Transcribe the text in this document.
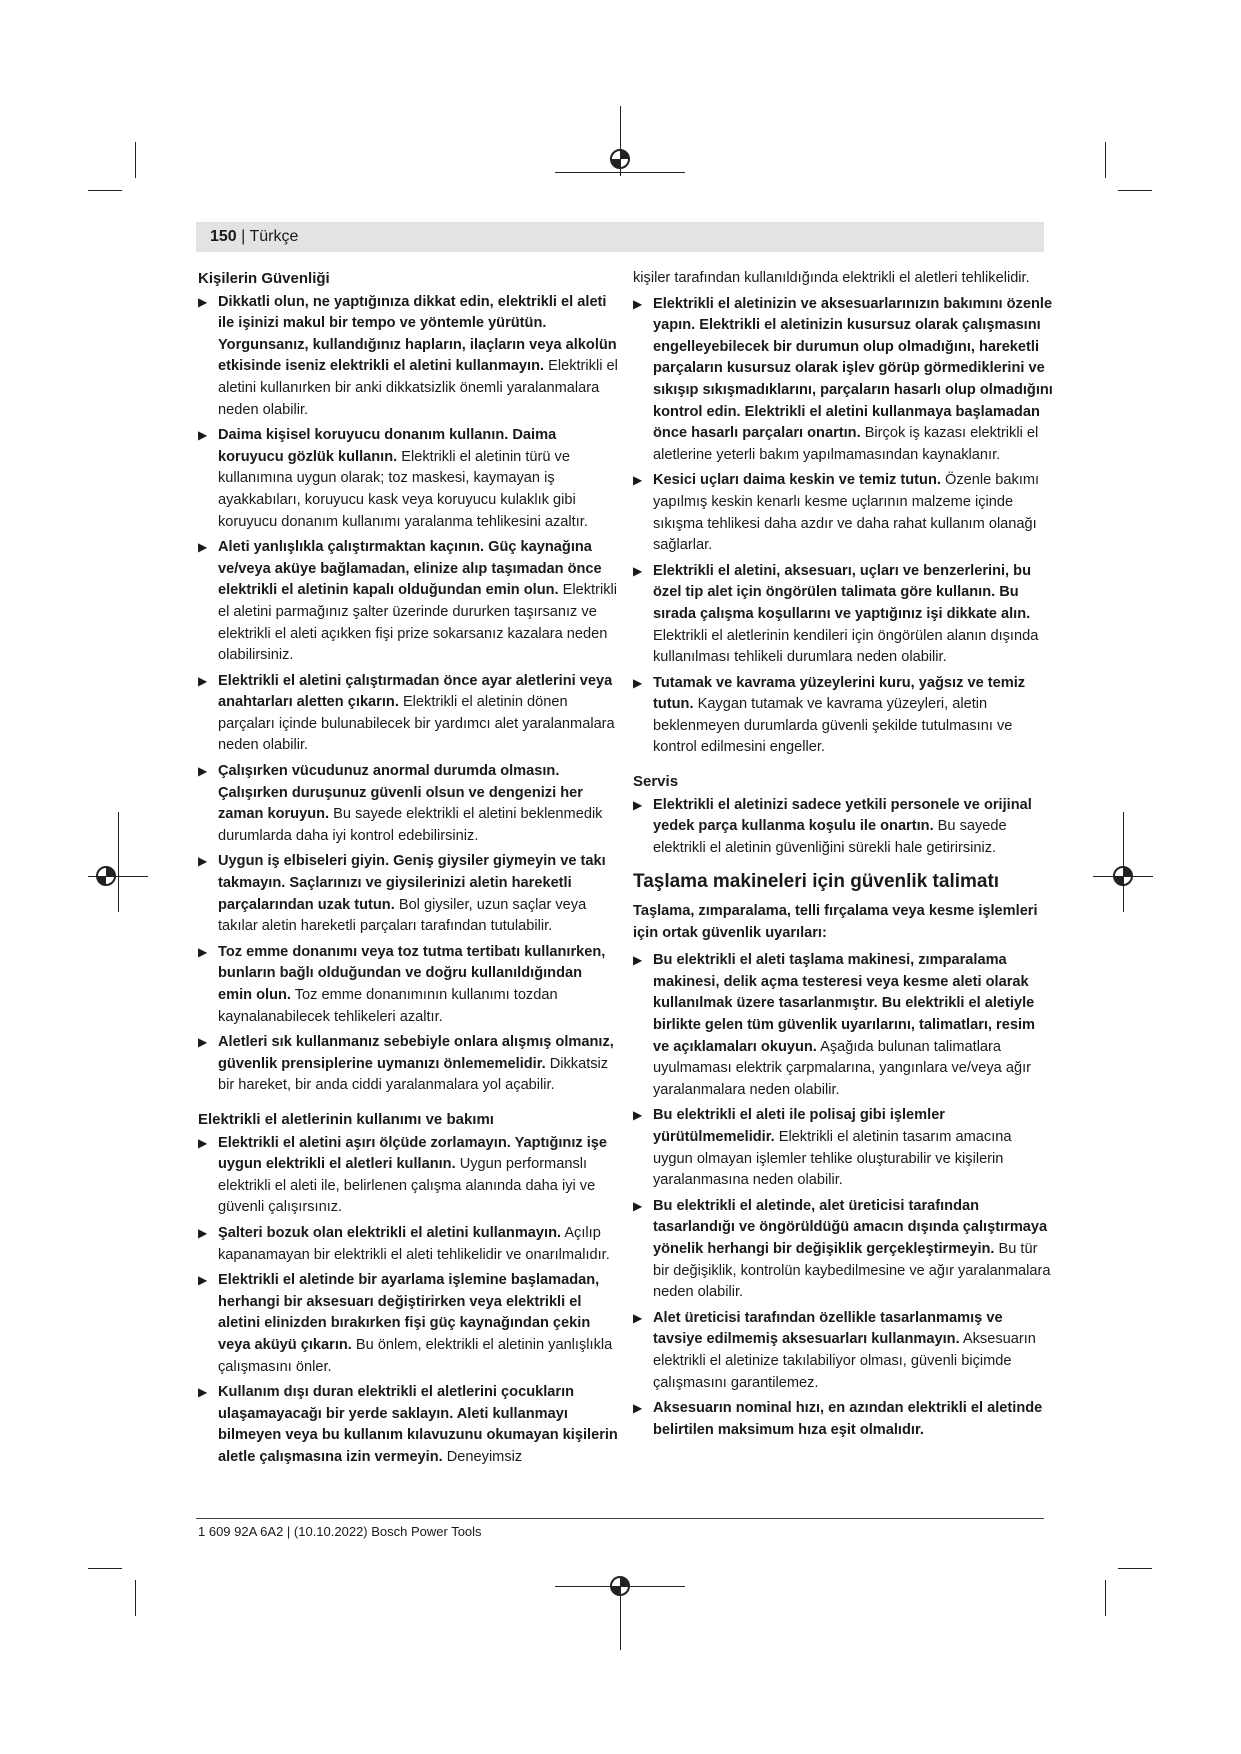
150 | Türkçe
Kişilerin Güvenliği
▶ Dikkatli olun, ne yaptığınıza dikkat edin, elektrikli el aleti ile işinizi makul bir tempo ve yöntemle yürütün. Yorgunsanız, kullandığınız hapların, ilaçların veya alkolün etkisinde iseniz elektrikli el aletini kullanmayın. Elektrikli el aletini kullanırken bir anki dikkatsizlik önemli yaralanmalara neden olabilir.
▶ Daima kişisel koruyucu donanım kullanın. Daima koruyucu gözlük kullanın. Elektrikli el aletinin türü ve kullanımına uygun olarak; toz maskesi, kaymayan iş ayakkabıları, koruyucu kask veya koruyucu kulaklık gibi koruyucu donanım kullanımı yaralanma tehlikesini azaltır.
▶ Aleti yanlışlıkla çalıştırmaktan kaçının. Güç kaynağına ve/veya aküye bağlamadan, elinize alıp taşımadan önce elektrikli el aletinin kapalı olduğundan emin olun. Elektrikli el aletini parmağınız şalter üzerinde dururken taşırsanız ve elektrikli el aleti açıkken fişi prize sokarsanız kazalara neden olabilirsiniz.
▶ Elektrikli el aletini çalıştırmadan önce ayar aletlerini veya anahtarları aletten çıkarın. Elektrikli el aletinin dönen parçaları içinde bulunabilecek bir yardımcı alet yaralanmalara neden olabilir.
▶ Çalışırken vücudunuz anormal durumda olmasın. Çalışırken duruşunuz güvenli olsun ve dengenizi her zaman koruyun. Bu sayede elektrikli el aletini beklenmedik durumlarda daha iyi kontrol edebilirsiniz.
▶ Uygun iş elbiseleri giyin. Geniş giysiler giymeyin ve takı takmayın. Saçlarınızı ve giysilerinizi aletin hareketli parçalarından uzak tutun. Bol giysiler, uzun saçlar veya takılar aletin hareketli parçaları tarafından tutulabilir.
▶ Toz emme donanımı veya toz tutma tertibatı kullanırken, bunların bağlı olduğundan ve doğru kullanıldığından emin olun. Toz emme donanımının kullanımı tozdan kaynalanabilecek tehlikeleri azaltır.
▶ Aletleri sık kullanmanız sebebiyle onlara alışmış olmanız, güvenlik prensiplerine uymanızı önlememelidir. Dikkatsiz bir hareket, bir anda ciddi yaralanmalara yol açabilir.
Elektrikli el aletlerinin kullanımı ve bakımı
▶ Elektrikli el aletini aşırı ölçüde zorlamayın. Yaptığınız işe uygun elektrikli el aletleri kullanın. Uygun performanslı elektrikli el aleti ile, belirlenen çalışma alanında daha iyi ve güvenli çalışırsınız.
▶ Şalteri bozuk olan elektrikli el aletini kullanmayın. Açılıp kapanamayan bir elektrikli el aleti tehlikelidir ve onarılmalıdır.
▶ Elektrikli el aletinde bir ayarlama işlemine başlamadan, herhangi bir aksesuarı değiştirirken veya elektrikli el aletini elinizden bırakırken fişi güç kaynağından çekin veya aküyü çıkarın. Bu önlem, elektrikli el aletinin yanlışlıkla çalışmasını önler.
▶ Kullanım dışı duran elektrikli el aletlerini çocukların ulaşamayacağı bir yerde saklayın. Aleti kullanmayı bilmeyen veya bu kullanım kılavuzunu okumayan kişilerin aletle çalışmasına izin vermeyin. Deneyimsiz

kişiler tarafından kullanıldığında elektrikli el aletleri tehlikelidir.

▶ Elektrikli el aletinizin ve aksesuarlarınızın bakımını özenle yapın. Elektrikli el aletinizin kusursuz olarak çalışmasını engelleyebilecek bir durumun olup olmadığını, hareketli parçaların kusursuz olarak işlev görüp görmediklerini ve sıkışıp sıkışmadıklarını, parçaların hasarlı olup olmadığını kontrol edin. Elektrikli el aletini kullanmaya başlamadan önce hasarlı parçaları onartın. Birçok iş kazası elektrikli el aletlerine yeterli bakım yapılmamasından kaynaklanır.
▶ Kesici uçları daima keskin ve temiz tutun. Özenle bakımı yapılmış keskin kenarlı kesme uçlarının malzeme içinde sıkışma tehlikesi daha azdır ve daha rahat kullanım olanağı sağlarlar.
▶ Elektrikli el aletini, aksesuarı, uçları ve benzerlerini, bu özel tip alet için öngörülen talimata göre kullanın. Bu sırada çalışma koşullarını ve yaptığınız işi dikkate alın. Elektrikli el aletlerinin kendileri için öngörülen alanın dışında kullanılması tehlikeli durumlara neden olabilir.
▶ Tutamak ve kavrama yüzeylerini kuru, yağsız ve temiz tutun. Kaygan tutamak ve kavrama yüzeyleri, aletin beklenmeyen durumlarda güvenli şekilde tutulmasını ve kontrol edilmesini engeller.
Servis
▶ Elektrikli el aletinizi sadece yetkili personele ve orijinal yedek parça kullanma koşulu ile onartın. Bu sayede elektrikli el aletinin güvenliğini sürekli hale getirirsiniz.
Taşlama makineleri için güvenlik talimatı

Taşlama, zımparalama, telli fırçalama veya kesme işlemleri için ortak güvenlik uyarıları:

▶ Bu elektrikli el aleti taşlama makinesi, zımparalama makinesi, delik açma testeresi veya kesme aleti olarak kullanılmak üzere tasarlanmıştır. Bu elektrikli el aletiyle birlikte gelen tüm güvenlik uyarılarını, talimatları, resim ve açıklamaları okuyun. Aşağıda bulunan talimatlara uyulmaması elektrik çarpmalarına, yangınlara ve/veya ağır yaralanmalara neden olabilir.
▶ Bu elektrikli el aleti ile polisaj gibi işlemler yürütülmemelidir. Elektrikli el aletinin tasarım amacına uygun olmayan işlemler tehlike oluşturabilir ve kişilerin yaralanmasına neden olabilir.
▶ Bu elektrikli el aletinde, alet üreticisi tarafından tasarlandığı ve öngörüldüğü amacın dışında çalıştırmaya yönelik herhangi bir değişiklik gerçekleştirmeyin. Bu tür bir değişiklik, kontrolün kaybedilmesine ve ağır yaralanmalara neden olabilir.
▶ Alet üreticisi tarafından özellikle tasarlanmamış ve tavsiye edilmemiş aksesuarları kullanmayın. Aksesuarın elektrikli el aletinize takılabiliyor olması, güvenli biçimde çalışmasını garantilemez.
▶ Aksesuarın nominal hızı, en azından elektrikli el aletinde belirtilen maksimum hıza eşit olmalıdır.
1 609 92A 6A2 | (10.10.2022) Bosch Power Tools
